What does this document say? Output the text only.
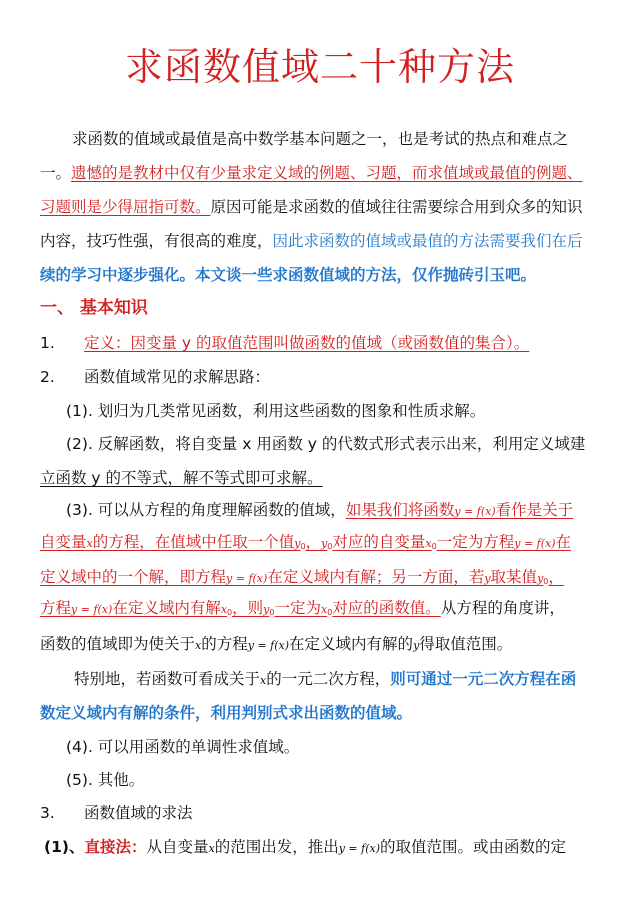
求函数值域二十种方法
求函数的值域或最值是高中数学基本问题之一，也是考试的热点和难点之
一。遗憾的是教材中仅有少量求定义域的例题、习题，而求值域或最值的例题、
习题则是少得屈指可数。原因可能是求函数的值域往往需要综合用到众多的知识
内容，技巧性强，有很高的难度，因此求函数的值域或最值的方法需要我们在后
续的学习中逐步强化。本文谈一些求函数值域的方法，仅作抛砖引玉吧。
一、 基本知识
1. 定义：因变量 y 的取值范围叫做函数的值域（或函数值的集合）。
2. 函数值域常见的求解思路：
(1). 划归为几类常见函数，利用这些函数的图象和性质求解。
(2). 反解函数，将自变量 x 用函数 y 的代数式形式表示出来，利用定义域建
立函数 y 的不等式，解不等式即可求解。
(3). 可以从方程的角度理解函数的值域，如果我们将函数y = f(x)看作是关于
自变量x的方程，在值域中任取一个值$y_0$，$y_0$对应的自变量$x_0$一定为方程y = f(x)在
定义域中的一个解，即方程y = f(x)在定义域内有解；另一方面，若y取某值$y_0$，
方程y = f(x)在定义域内有解$x_0$，则$y_0$一定为$x_0$对应的函数值。从方程的角度讲，
函数的值域即为使关于x的方程y = f(x)在定义域内有解的y得取值范围。
特别地，若函数可看成关于x的一元二次方程，则可通过一元二次方程在函
数定义域内有解的条件，利用判别式求出函数的值域。
(4). 可以用函数的单调性求值域。
(5). 其他。
3. 函数值域的求法
(1)、直接法：从自变量x的范围出发，推出y = f(x)的取值范围。或由函数的定
